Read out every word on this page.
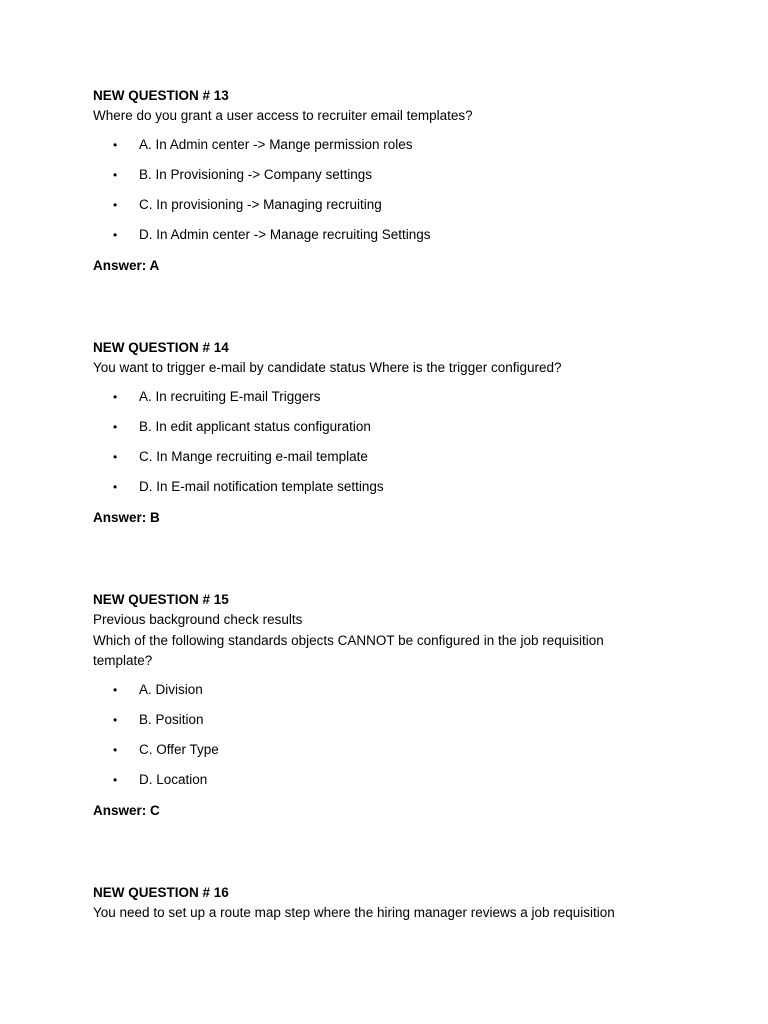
NEW QUESTION # 13
Where do you grant a user access to recruiter email templates?
• A. In Admin center -> Mange permission roles
• B. In Provisioning -> Company settings
• C. In provisioning -> Managing recruiting
• D. In Admin center -> Manage recruiting Settings
Answer: A
NEW QUESTION # 14
You want to trigger e-mail by candidate status Where is the trigger configured?
• A. In recruiting E-mail Triggers
• B. In edit applicant status configuration
• C. In Mange recruiting e-mail template
• D. In E-mail notification template settings
Answer: B
NEW QUESTION # 15
Previous background check results
Which of the following standards objects CANNOT be configured in the job requisition
template?
• A. Division
• B. Position
• C. Offer Type
• D. Location
Answer: C
NEW QUESTION # 16
You need to set up a route map step where the hiring manager reviews a job requisition
